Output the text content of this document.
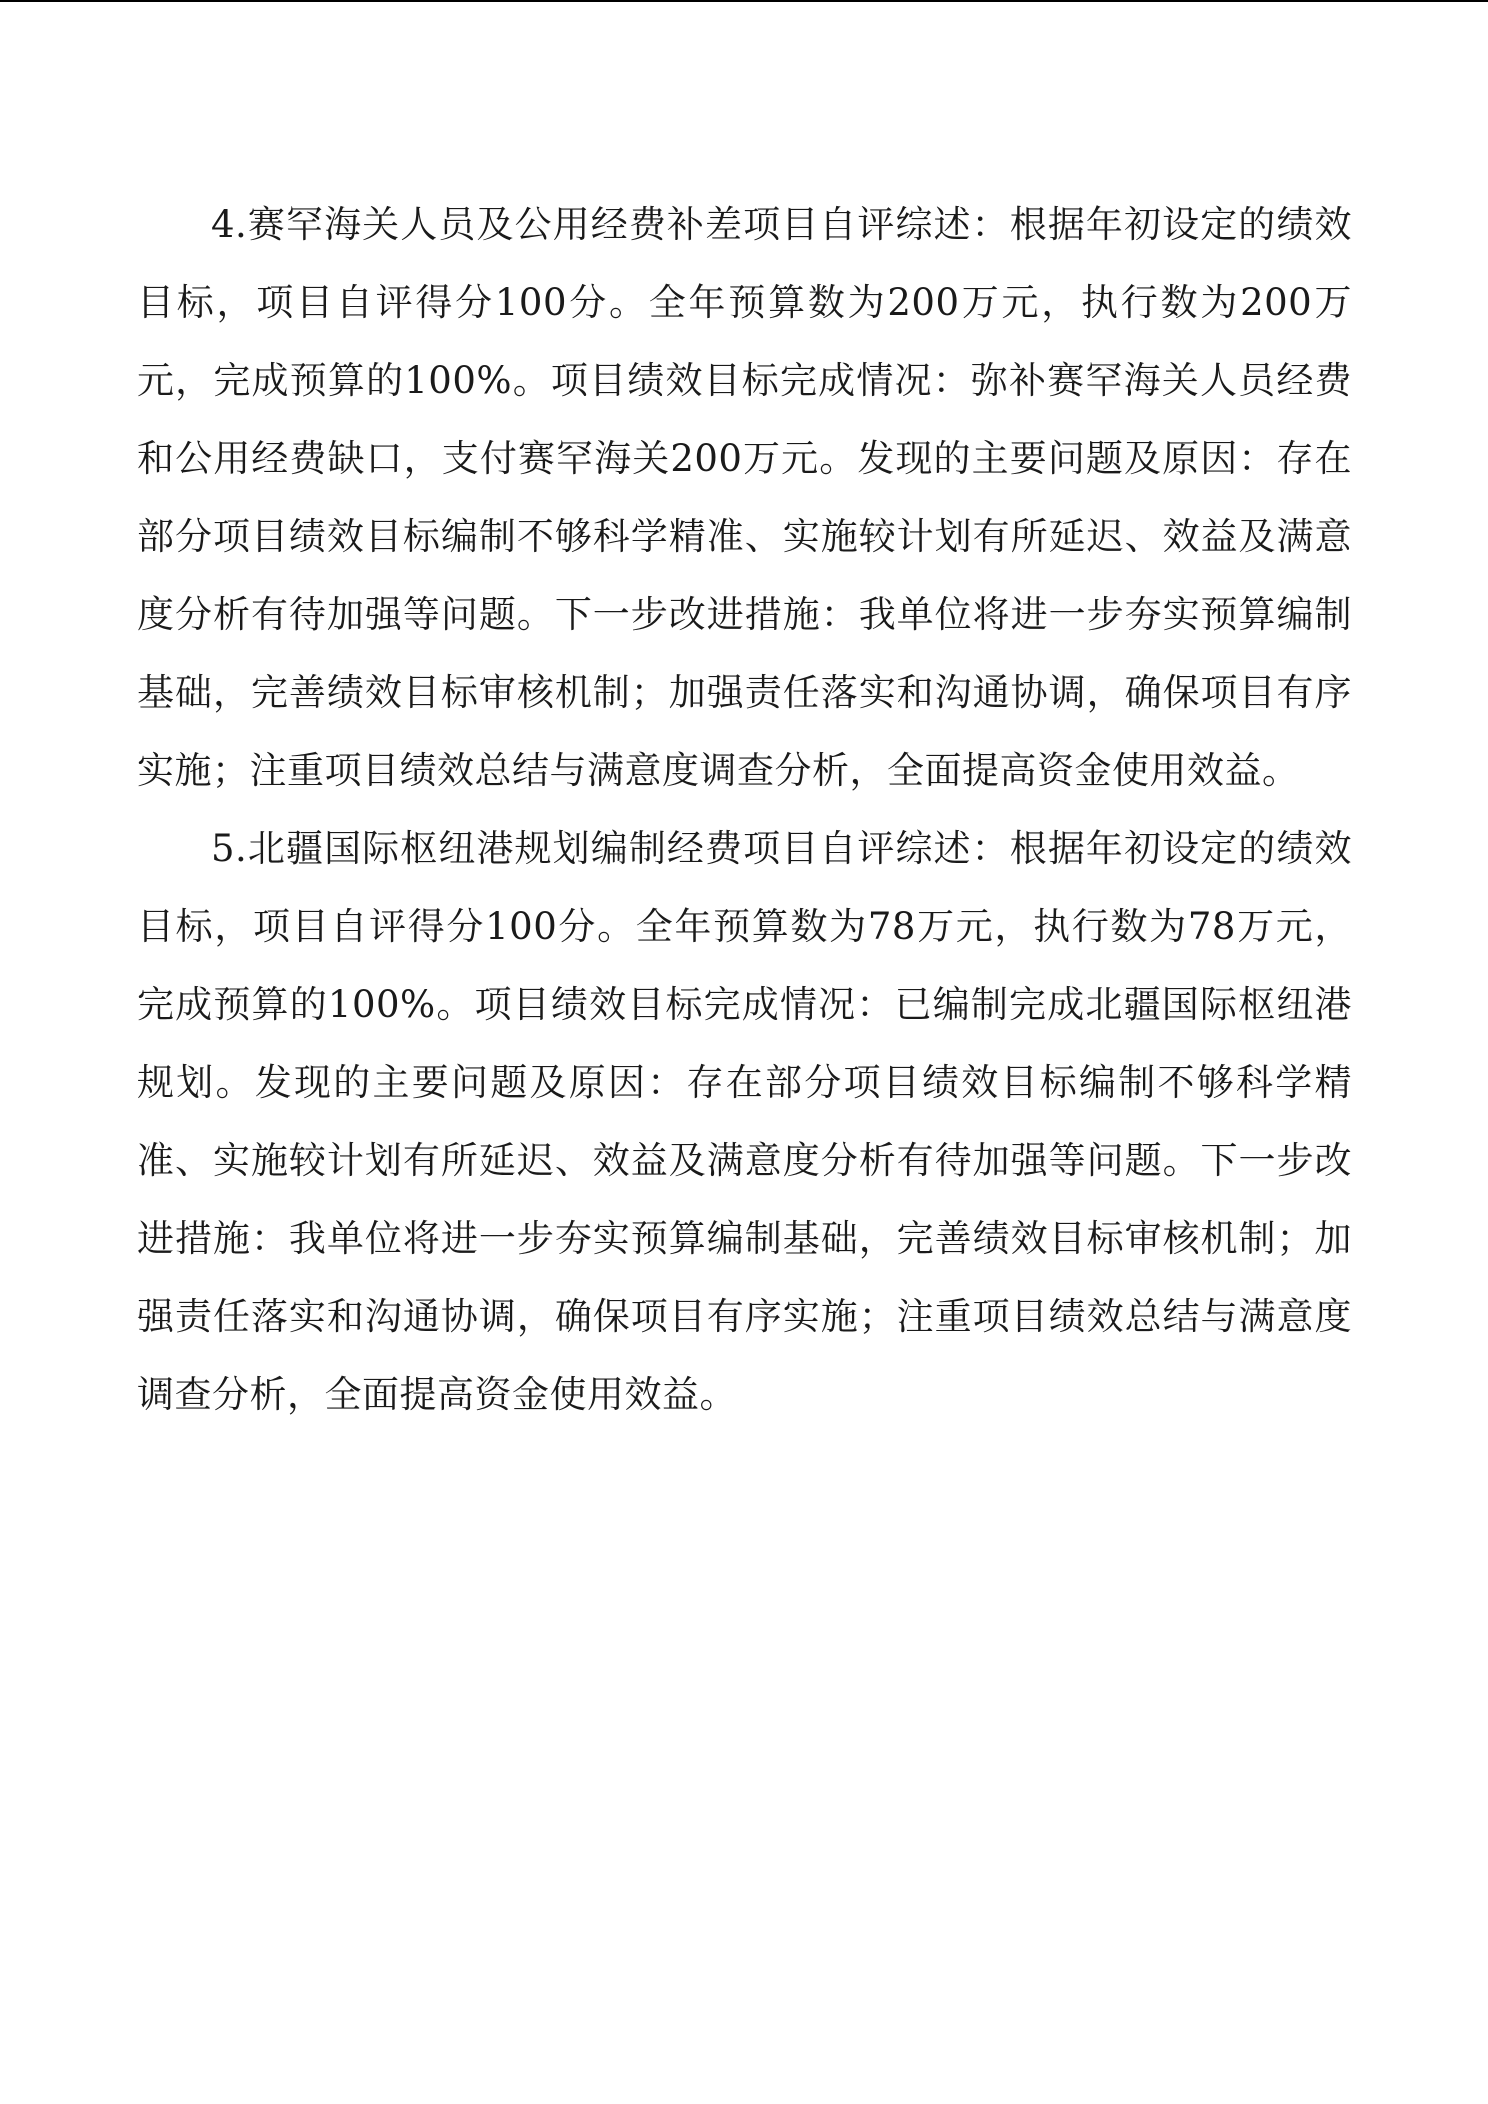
4.赛罕海关人员及公用经费补差项目自评综述：根据年初设定的绩效目标，项目自评得分100分。全年预算数为200万元，执行数为200万元，完成预算的100%。项目绩效目标完成情况：弥补赛罕海关人员经费和公用经费缺口，支付赛罕海关200万元。发现的主要问题及原因：存在部分项目绩效目标编制不够科学精准、实施较计划有所延迟、效益及满意度分析有待加强等问题。下一步改进措施：我单位将进一步夯实预算编制基础，完善绩效目标审核机制；加强责任落实和沟通协调，确保项目有序实施；注重项目绩效总结与满意度调查分析，全面提高资金使用效益。

5.北疆国际枢纽港规划编制经费项目自评综述：根据年初设定的绩效目标，项目自评得分100分。全年预算数为78万元，执行数为78万元，完成预算的100%。项目绩效目标完成情况：已编制完成北疆国际枢纽港规划。发现的主要问题及原因：存在部分项目绩效目标编制不够科学精准、实施较计划有所延迟、效益及满意度分析有待加强等问题。下一步改进措施：我单位将进一步夯实预算编制基础，完善绩效目标审核机制；加强责任落实和沟通协调，确保项目有序实施；注重项目绩效总结与满意度调查分析，全面提高资金使用效益。
